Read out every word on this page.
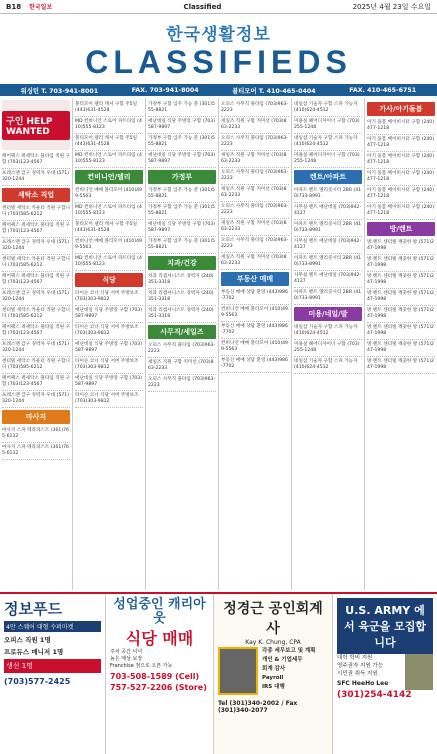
B18 한국일보	Classified	2025년 4월 23일 수요일
한국생활정보
CLASSIFIEDS
워싱턴 T. 703-941-8001	FAX. 703-941-8004	볼티모어 T. 410-465-0404	FAX. 410-465-6751
구인 HELP WANTED
페어팩스 퀵세탁소 풀타임 직원 구함 (703)123-4567
프레스맨 급구 경력자 우대 (571)320-1244
세탁소 직업
센터빌 세탁소 카운터 직원 구합니다 (703)585-6212
페어팩스 퀵세탁소 풀타임 직원 구함 (703)123-4567
프레스맨 급구 경력자 우대 (571)320-1244
센터빌 세탁소 카운터 직원 구합니다 (703)585-6212
페어팩스 퀵세탁소 풀타임 직원 구함 (703)123-4567
프레스맨 급구 경력자 우대 (571)320-1244
센터빌 세탁소 카운터 직원 구합니다 (703)585-6212
페어팩스 퀵세탁소 풀타임 직원 구함 (703)123-4567
프레스맨 급구 경력자 우대 (571)320-1244
센터빌 세탁소 카운터 직원 구합니다 (703)585-6212
페어팩스 퀵세탁소 풀타임 직원 구함 (703)123-4567
프레스맨 급구 경력자 우대 (571)320-1244
마사지
마사지 스파 테라피스트 (301)765-6132
마사지 스파 테라피스트 (301)765-6132
볼티모어 델리 캐셔 구함 주5일 (443)631-4528
MD 컨비니언 스토어 파트타임 (410)555-8123
볼티모어 델리 캐셔 구함 주5일 (443)631-4528
MD 컨비니언 스토어 파트타임 (410)555-8123
컨비니언/델리
컨비니언 매매 볼티모어 (410)499-5563
MD 컨비니언 스토어 파트타임 (410)555-8123
볼티모어 델리 캐셔 구함 주5일 (443)631-4528
컨비니언 매매 볼티모어 (410)499-5563
MD 컨비니언 스토어 파트타임 (410)555-8123
식당
타이슨 코너 식당 서버 주방보조 (703)303-9812
애난데일 식당 주방장 구함 (703)587-9897
타이슨 코너 식당 서버 주방보조 (703)303-9812
애난데일 식당 주방장 구함 (703)587-9897
타이슨 코너 식당 서버 주방보조 (703)303-9812
애난데일 식당 주방장 구함 (703)587-9897
타이슨 코너 식당 서버 주방보조 (703)303-9812
가정부 구함 입주 가능 분 (301)555-8821
애난데일 식당 주방장 구함 (703)587-9897
가정부 구함 입주 가능 분 (301)555-8821
애난데일 식당 주방장 구함 (703)587-9897
가정부
가정부 구함 입주 가능 분 (301)555-8821
가정부 구함 입주 가능 분 (301)555-8821
애난데일 식당 주방장 구함 (703)587-9897
가정부 구함 입주 가능 분 (301)555-8821
치과/건강
치과 리셉셔니스트 경력자 (240)351-3318
치과 리셉셔니스트 경력자 (240)351-3318
치과 리셉셔니스트 경력자 (240)351-3318
사무직/세일즈
오피스 사무직 풀타임 (703)963-2223
세일즈 직원 구함 커미션 (703)863-2233
오피스 사무직 풀타임 (703)963-2223
오피스 사무직 풀타임 (703)963-2223
세일즈 직원 구함 커미션 (703)863-2233
오피스 사무직 풀타임 (703)963-2223
세일즈 직원 구함 커미션 (703)863-2233
오피스 사무직 풀타임 (703)963-2223
세일즈 직원 구함 커미션 (703)863-2233
오피스 사무직 풀타임 (703)963-2223
세일즈 직원 구함 커미션 (703)863-2233
오피스 사무직 풀타임 (703)963-2223
세일즈 직원 구함 커미션 (703)863-2233
부동산 매매
부동산 매매 상담 환영 (443)986-7702
컨비니언 매매 볼티모어 (410)499-5563
부동산 매매 상담 환영 (443)986-7702
컨비니언 매매 볼티모어 (410)499-5563
부동산 매매 상담 환영 (443)986-7702
네일샵 기술자 구함 스파 가능자 (410)624-4512
미용실 헤어디자이너 구함 (703)255-1248
네일샵 기술자 구함 스파 가능자 (410)624-4512
미용실 헤어디자이너 구함 (703)255-1248
렌트/아파트
아파트 렌트 엘리콧시티 2BR (410)733-8991
사무실 렌트 애난데일 (703)942-4127
아파트 렌트 엘리콧시티 2BR (410)733-8991
사무실 렌트 애난데일 (703)942-4127
아파트 렌트 엘리콧시티 2BR (410)733-8991
사무실 렌트 애난데일 (703)942-4127
아파트 렌트 엘리콧시티 2BR (410)733-8991
미용/네일/발
네일샵 기술자 구함 스파 가능자 (410)624-4512
미용실 헤어디자이너 구함 (703)255-1248
네일샵 기술자 구함 스파 가능자 (410)624-4512
가사/아기돌봄
아기 돌봄 베이비시터 구함 (240)477-1218
아기 돌봄 베이비시터 구함 (240)477-1218
아기 돌봄 베이비시터 구함 (240)477-1218
아기 돌봄 베이비시터 구함 (240)477-1218
아기 돌봄 베이비시터 구함 (240)477-1218
아기 돌봄 베이비시터 구함 (240)477-1218
방/렌트
방 렌트 센터빌 깨끗한 방 (571)247-1998
방 렌트 센터빌 깨끗한 방 (571)247-1998
방 렌트 센터빌 깨끗한 방 (571)247-1998
방 렌트 센터빌 깨끗한 방 (571)247-1998
방 렌트 센터빌 깨끗한 방 (571)247-1998
방 렌트 센터빌 깨끗한 방 (571)247-1998
방 렌트 센터빌 깨끗한 방 (571)247-1998
방 렌트 센터빌 깨끗한 방 (571)247-1998
정보푸드
4만 스퀘어 대형 수퍼마켓
오피스 직원 1명
프로듀스 매니저 1명
생선 1명
(703)577-2425
성업중인 캐리아웃
식당 매매
주차 공간 넉넉
높은 매상 보장
Franchise 점으로 오픈 가능
703-508-1589 (Cell)
757-527-2206 (Store)
정경근 공인회계사
Kay K. Chung, CPA
각종 세무보고 및 계획
개인 & 기업세무
회계 감사
Payroll
IRS 대행
Tel (301)340-2002 / Fax (301)340-2077
U.S. ARMY 에서 육군을 모집합니다
대학 학비 지원
영주권자 지원 가능
시민권 취득 지원
SFC HeeHo Lee
(301)254-4142
